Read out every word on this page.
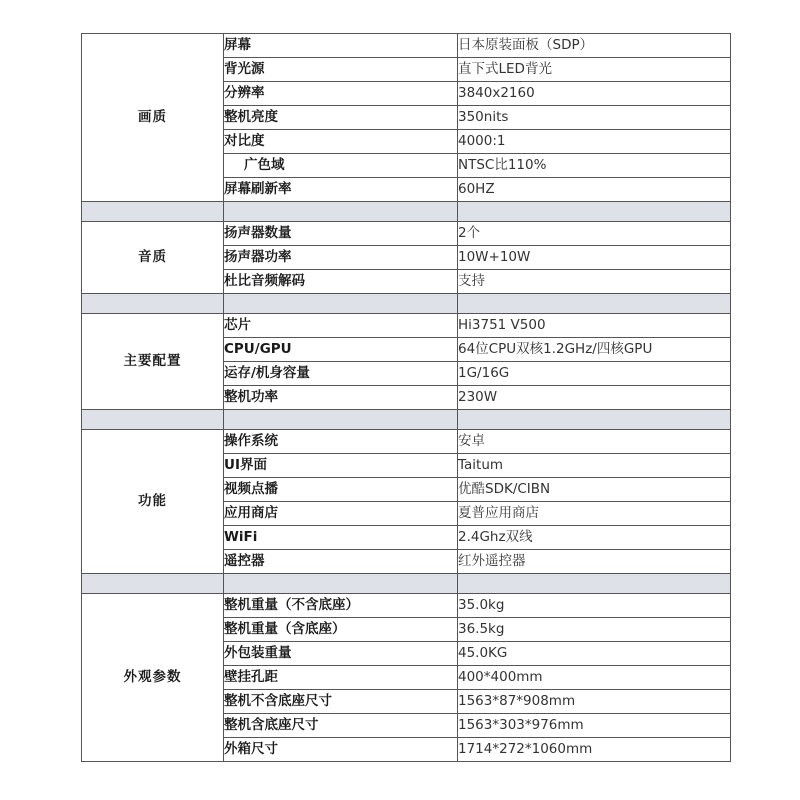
画质	屏幕	日本原装面板（SDP）
	背光源	直下式LED背光
	分辨率	3840x2160
	整机亮度	350nits
	对比度	4000:1
	广色域	NTSC比110%
	屏幕刷新率	60HZ

音质	扬声器数量	2个
	扬声器功率	10W+10W
	杜比音频解码	支持

主要配置	芯片	Hi3751 V500
	CPU/GPU	64位CPU双核1.2GHz/四核GPU
	运存/机身容量	1G/16G
	整机功率	230W

功能	操作系统	安卓
	UI界面	Taitum
	视频点播	优酷SDK/CIBN
	应用商店	夏普应用商店
	WiFi	2.4Ghz双线
	遥控器	红外遥控器

外观参数	整机重量（不含底座）	35.0kg
	整机重量（含底座）	36.5kg
	外包装重量	45.0KG
	壁挂孔距	400*400mm
	整机不含底座尺寸	1563*87*908mm
	整机含底座尺寸	1563*303*976mm
	外箱尺寸	1714*272*1060mm
